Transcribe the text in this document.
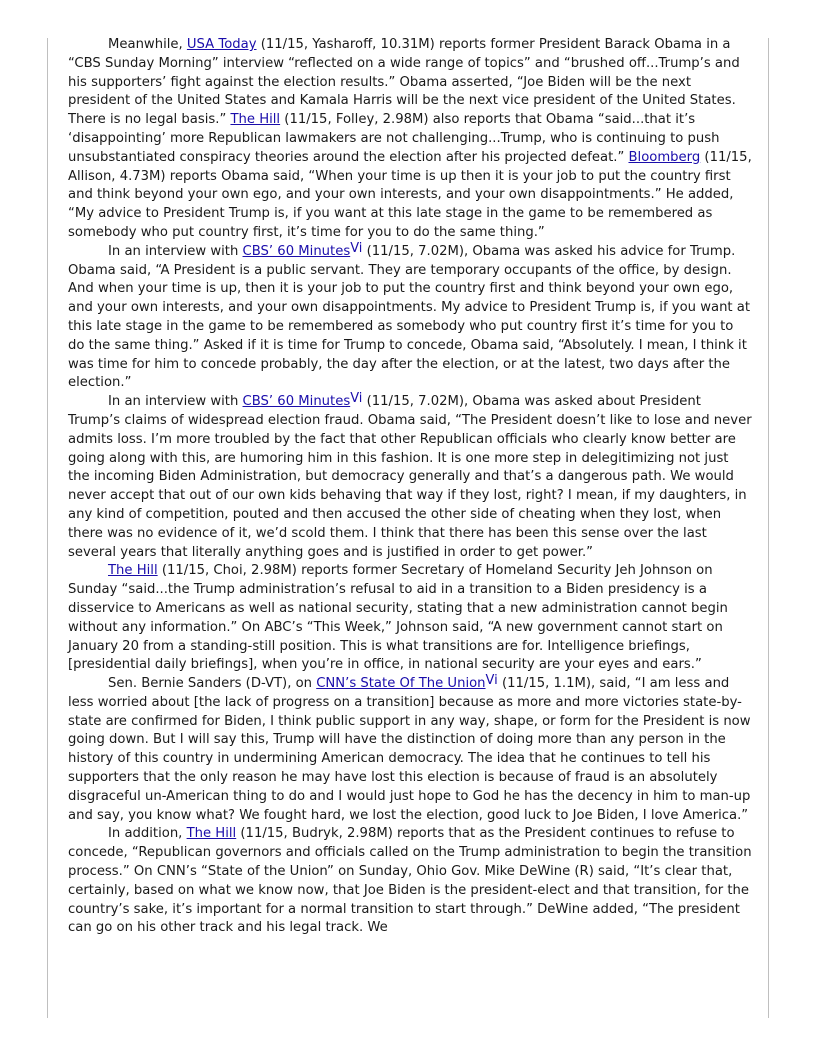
Meanwhile, USA Today (11/15, Yasharoff, 10.31M) reports former President Barack Obama in a “CBS Sunday Morning” interview “reflected on a wide range of topics” and “brushed off...Trump’s and his supporters’ fight against the election results.” Obama asserted, “Joe Biden will be the next president of the United States and Kamala Harris will be the next vice president of the United States. There is no legal basis.” The Hill (11/15, Folley, 2.98M) also reports that Obama “said...that it’s ‘disappointing’ more Republican lawmakers are not challenging...Trump, who is continuing to push unsubstantiated conspiracy theories around the election after his projected defeat.” Bloomberg (11/15, Allison, 4.73M) reports Obama said, “When your time is up then it is your job to put the country first and think beyond your own ego, and your own interests, and your own disappointments.” He added, “My advice to President Trump is, if you want at this late stage in the game to be remembered as somebody who put country first, it’s time for you to do the same thing.”

In an interview with CBS’ 60 Minutes$^{Vi}$ (11/15, 7.02M), Obama was asked his advice for Trump. Obama said, “A President is a public servant. They are temporary occupants of the office, by design. And when your time is up, then it is your job to put the country first and think beyond your own ego, and your own interests, and your own disappointments. My advice to President Trump is, if you want at this late stage in the game to be remembered as somebody who put country first it’s time for you to do the same thing.” Asked if it is time for Trump to concede, Obama said, “Absolutely. I mean, I think it was time for him to concede probably, the day after the election, or at the latest, two days after the election.”

In an interview with CBS’ 60 Minutes$^{Vi}$ (11/15, 7.02M), Obama was asked about President Trump’s claims of widespread election fraud. Obama said, “The President doesn’t like to lose and never admits loss. I’m more troubled by the fact that other Republican officials who clearly know better are going along with this, are humoring him in this fashion. It is one more step in delegitimizing not just the incoming Biden Administration, but democracy generally and that’s a dangerous path. We would never accept that out of our own kids behaving that way if they lost, right? I mean, if my daughters, in any kind of competition, pouted and then accused the other side of cheating when they lost, when there was no evidence of it, we’d scold them. I think that there has been this sense over the last several years that literally anything goes and is justified in order to get power.”

The Hill (11/15, Choi, 2.98M) reports former Secretary of Homeland Security Jeh Johnson on Sunday “said...the Trump administration’s refusal to aid in a transition to a Biden presidency is a disservice to Americans as well as national security, stating that a new administration cannot begin without any information.” On ABC’s “This Week,” Johnson said, “A new government cannot start on January 20 from a standing-still position. This is what transitions are for. Intelligence briefings, [presidential daily briefings], when you’re in office, in national security are your eyes and ears.”

Sen. Bernie Sanders (D-VT), on CNN’s State Of The Union$^{Vi}$ (11/15, 1.1M), said, “I am less and less worried about [the lack of progress on a transition] because as more and more victories state-by-state are confirmed for Biden, I think public support in any way, shape, or form for the President is now going down. But I will say this, Trump will have the distinction of doing more than any person in the history of this country in undermining American democracy. The idea that he continues to tell his supporters that the only reason he may have lost this election is because of fraud is an absolutely disgraceful un-American thing to do and I would just hope to God he has the decency in him to man-up and say, you know what? We fought hard, we lost the election, good luck to Joe Biden, I love America.”

In addition, The Hill (11/15, Budryk, 2.98M) reports that as the President continues to refuse to concede, “Republican governors and officials called on the Trump administration to begin the transition process.” On CNN’s “State of the Union” on Sunday, Ohio Gov. Mike DeWine (R) said, “It’s clear that, certainly, based on what we know now, that Joe Biden is the president-elect and that transition, for the country’s sake, it’s important for a normal transition to start through.” DeWine added, “The president can go on his other track and his legal track. We
